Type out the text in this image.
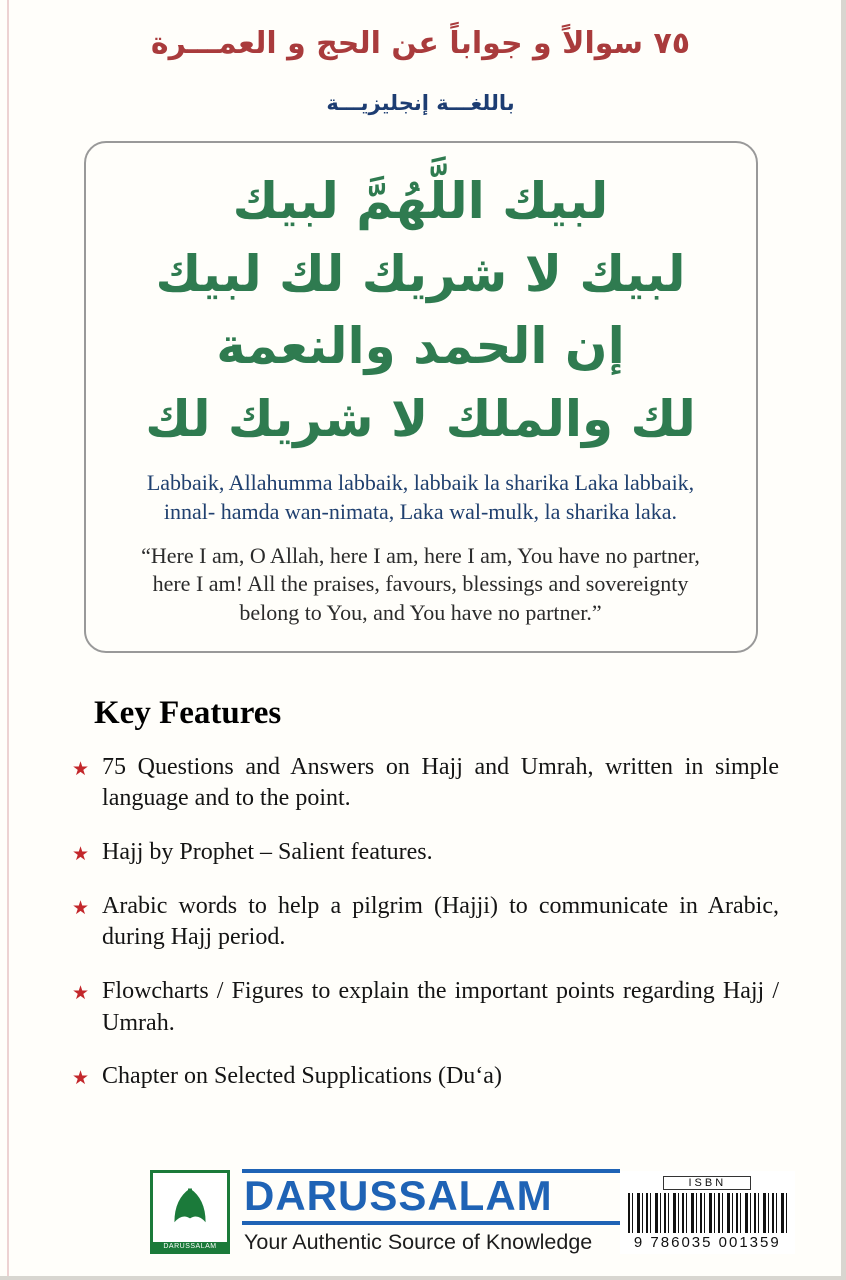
٧٥ سوالاً و جواباً عن الحج و العمـــرة
باللغـــة إنجليزيـــة
لبيك اللَّهُمَّ لبيك
لبيك لا شريك لك لبيك
إن الحمد والنعمة
لك والملك لا شريك لك
Labbaik, Allahumma labbaik, labbaik la sharika Laka labbaik, innal- hamda wan-nimata, Laka wal-mulk, la sharika laka.
“Here I am, O Allah, here I am, here I am, You have no partner, here I am! All the praises, favours, blessings and sovereignty belong to You, and You have no partner.”
Key Features
★ 75 Questions and Answers on Hajj and Umrah, written in simple language and to the point.
★ Hajj by Prophet – Salient features.
★ Arabic words to help a pilgrim (Hajji) to communicate in Arabic, during Hajj period.
★ Flowcharts / Figures to explain the important points regarding Hajj / Umrah.
★ Chapter on Selected Supplications (Du‘a)
DARUSSALAM
DARUSSALAM
Your Authentic Source of Knowledge
ISBN
9 786035 001359
